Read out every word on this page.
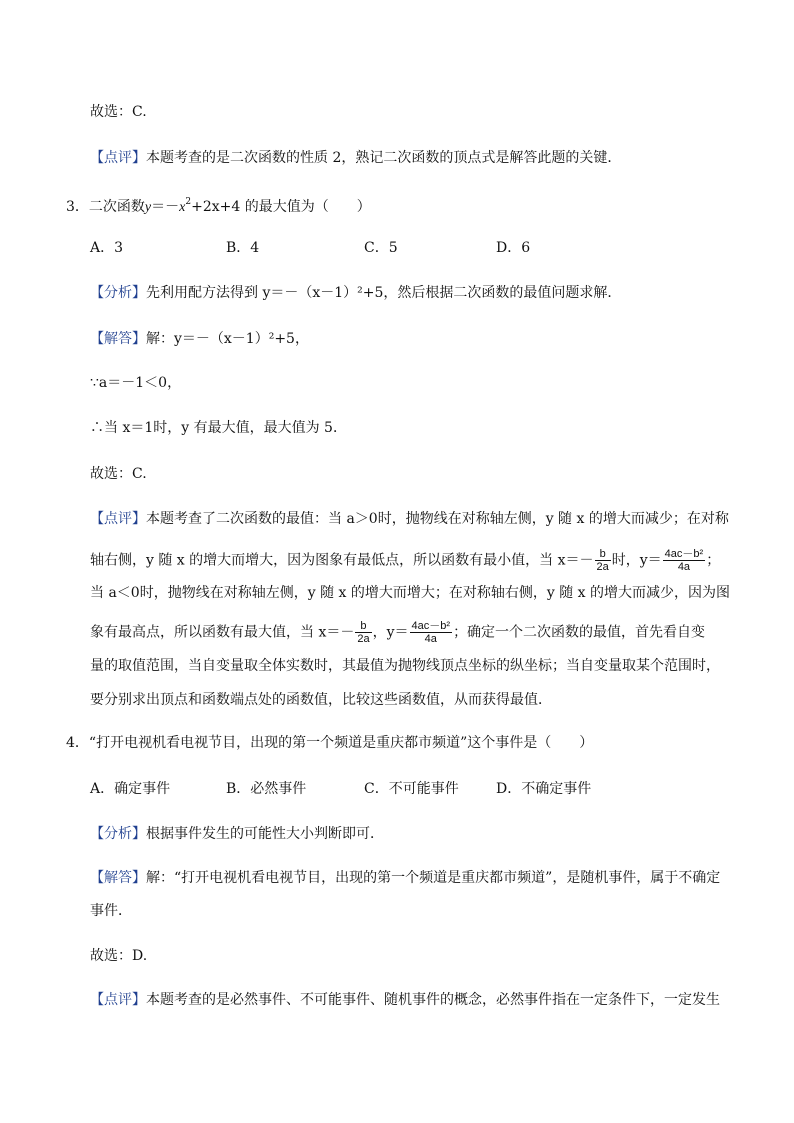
故选：C.
【点评】本题考查的是二次函数的性质 2，熟记二次函数的顶点式是解答此题的关键．
3．二次函数$y=-x^2+2x+4$ 的最大值为（　　）
A．3	B．4	C．5	D．6
【分析】先利用配方法得到 y＝－（x－1）²+5，然后根据二次函数的最值问题求解．
【解答】解：y＝－（x－1）²+5，
∵a＝－1＜0，
∴当 x＝1时，y 有最大值，最大值为 5．
故选：C.
【点评】本题考查了二次函数的最值：当 a＞0时，抛物线在对称轴左侧，y 随 x 的增大而减少；在对称
轴右侧，y 随 x 的增大而增大，因为图象有最低点，所以函数有最小值，当 $x=- \frac{b}{2a}$ 时，$y= \frac{\text{4ac－b²}}{4a}$ ；
当 a＜0时，抛物线在对称轴左侧，y 随 x 的增大而增大；在对称轴右侧，y 随 x 的增大而减少，因为图
象有最高点，所以函数有最大值，当 $x=- \frac{b}{2a}$ ，$y= \frac{\text{4ac－b²}}{4a}$ ；确定一个二次函数的最值，首先看自变
量的取值范围，当自变量取全体实数时，其最值为抛物线顶点坐标的纵坐标；当自变量取某个范围时，
要分别求出顶点和函数端点处的函数值，比较这些函数值，从而获得最值．
4．“打开电视机看电视节目，出现的第一个频道是重庆都市频道”这个事件是（　　）
A．确定事件	B．必然事件	C．不可能事件	D．不确定事件
【分析】根据事件发生的可能性大小判断即可．
【解答】解：“打开电视机看电视节目，出现的第一个频道是重庆都市频道”，是随机事件，属于不确定
事件．
故选：D.
【点评】本题考查的是必然事件、不可能事件、随机事件的概念，必然事件指在一定条件下，一定发生
